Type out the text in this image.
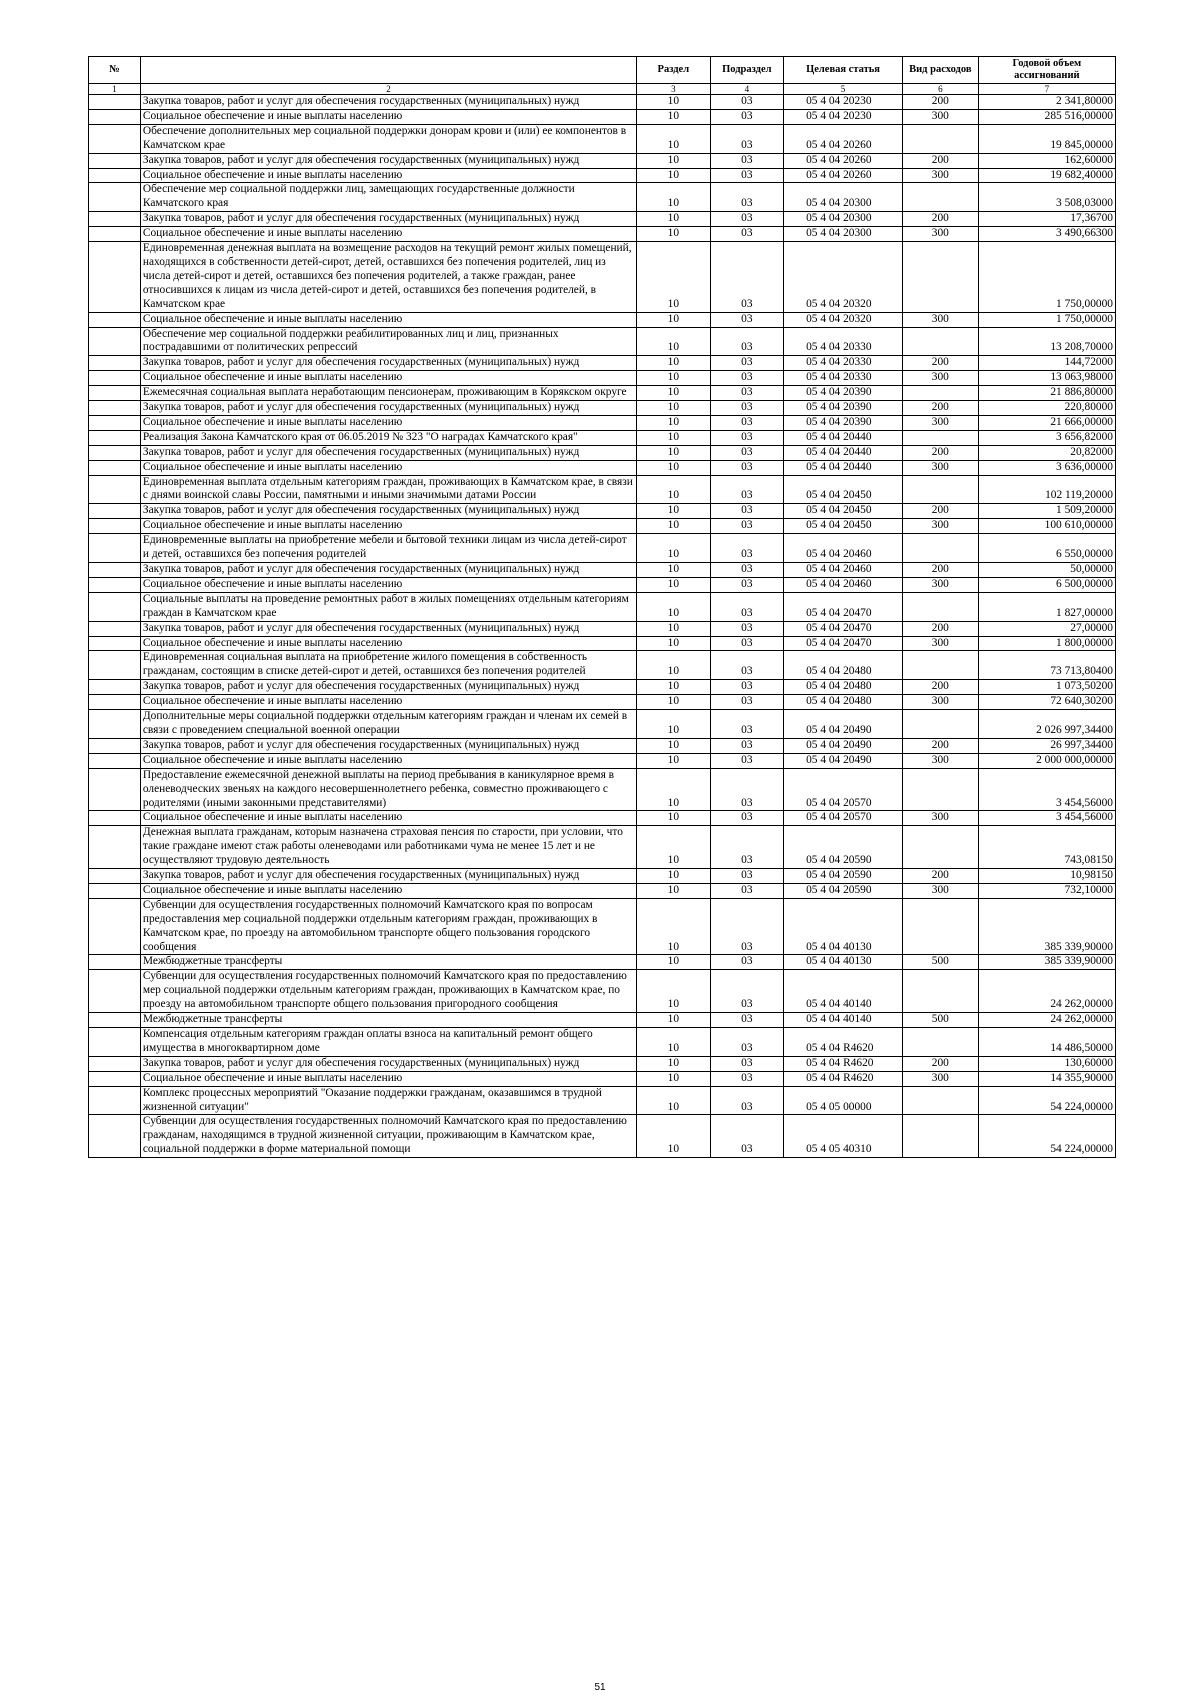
№		Раздел	Подраздел	Целевая статья	Вид расходов	Годовой объем ассигнований
1	2	3	4	5	6	7
	Закупка товаров, работ и услуг для обеспечения государственных (муниципальных) нужд	10	03	05 4 04 20230	200	2 341,80000
	Социальное обеспечение и иные выплаты населению	10	03	05 4 04 20230	300	285 516,00000
	Обеспечение дополнительных мер социальной поддержки донорам крови и (или) ее компонентов в Камчатском крае	10	03	05 4 04 20260		19 845,00000
	Закупка товаров, работ и услуг для обеспечения государственных (муниципальных) нужд	10	03	05 4 04 20260	200	162,60000
	Социальное обеспечение и иные выплаты населению	10	03	05 4 04 20260	300	19 682,40000
	Обеспечение мер социальной поддержки лиц, замещающих государственные должности Камчатского края	10	03	05 4 04 20300		3 508,03000
	Закупка товаров, работ и услуг для обеспечения государственных (муниципальных) нужд	10	03	05 4 04 20300	200	17,36700
	Социальное обеспечение и иные выплаты населению	10	03	05 4 04 20300	300	3 490,66300
	Единовременная денежная выплата на возмещение расходов на текущий ремонт жилых помещений, находящихся в собственности детей-сирот, детей, оставшихся без попечения родителей, лиц из числа детей-сирот и детей, оставшихся без попечения родителей, а также граждан, ранее относившихся к лицам из числа детей-сирот и детей, оставшихся без попечения родителей, в Камчатском крае	10	03	05 4 04 20320		1 750,00000
	Социальное обеспечение и иные выплаты населению	10	03	05 4 04 20320	300	1 750,00000
	Обеспечение мер социальной поддержки реабилитированных лиц и лиц, признанных пострадавшими от политических репрессий	10	03	05 4 04 20330		13 208,70000
	Закупка товаров, работ и услуг для обеспечения государственных (муниципальных) нужд	10	03	05 4 04 20330	200	144,72000
	Социальное обеспечение и иные выплаты населению	10	03	05 4 04 20330	300	13 063,98000
	Ежемесячная социальная выплата неработающим пенсионерам, проживающим в Корякском округе	10	03	05 4 04 20390		21 886,80000
	Закупка товаров, работ и услуг для обеспечения государственных (муниципальных) нужд	10	03	05 4 04 20390	200	220,80000
	Социальное обеспечение и иные выплаты населению	10	03	05 4 04 20390	300	21 666,00000
	Реализация Закона Камчатского края от 06.05.2019 № 323 "О наградах Камчатского края"	10	03	05 4 04 20440		3 656,82000
	Закупка товаров, работ и услуг для обеспечения государственных (муниципальных) нужд	10	03	05 4 04 20440	200	20,82000
	Социальное обеспечение и иные выплаты населению	10	03	05 4 04 20440	300	3 636,00000
	Единовременная выплата отдельным категориям граждан, проживающих в Камчатском крае, в связи с днями воинской славы России, памятными и иными значимыми датами России	10	03	05 4 04 20450		102 119,20000
	Закупка товаров, работ и услуг для обеспечения государственных (муниципальных) нужд	10	03	05 4 04 20450	200	1 509,20000
	Социальное обеспечение и иные выплаты населению	10	03	05 4 04 20450	300	100 610,00000
	Единовременные выплаты на приобретение мебели и бытовой техники лицам из числа детей-сирот и детей, оставшихся без попечения родителей	10	03	05 4 04 20460		6 550,00000
	Закупка товаров, работ и услуг для обеспечения государственных (муниципальных) нужд	10	03	05 4 04 20460	200	50,00000
	Социальное обеспечение и иные выплаты населению	10	03	05 4 04 20460	300	6 500,00000
	Социальные выплаты на проведение ремонтных работ в жилых помещениях отдельным категориям граждан в Камчатском крае	10	03	05 4 04 20470		1 827,00000
	Закупка товаров, работ и услуг для обеспечения государственных (муниципальных) нужд	10	03	05 4 04 20470	200	27,00000
	Социальное обеспечение и иные выплаты населению	10	03	05 4 04 20470	300	1 800,00000
	Единовременная социальная выплата на приобретение жилого помещения в собственность гражданам, состоящим в списке детей-сирот и детей, оставшихся без попечения родителей	10	03	05 4 04 20480		73 713,80400
	Закупка товаров, работ и услуг для обеспечения государственных (муниципальных) нужд	10	03	05 4 04 20480	200	1 073,50200
	Социальное обеспечение и иные выплаты населению	10	03	05 4 04 20480	300	72 640,30200
	Дополнительные меры социальной поддержки отдельным категориям граждан и членам их семей в связи с проведением специальной военной операции	10	03	05 4 04 20490		2 026 997,34400
	Закупка товаров, работ и услуг для обеспечения государственных (муниципальных) нужд	10	03	05 4 04 20490	200	26 997,34400
	Социальное обеспечение и иные выплаты населению	10	03	05 4 04 20490	300	2 000 000,00000
	Предоставление ежемесячной денежной выплаты на период пребывания в каникулярное время в оленеводческих звеньях на каждого несовершеннолетнего ребенка, совместно проживающего с родителями (иными законными представителями)	10	03	05 4 04 20570		3 454,56000
	Социальное обеспечение и иные выплаты населению	10	03	05 4 04 20570	300	3 454,56000
	Денежная выплата гражданам, которым назначена страховая пенсия по старости, при условии, что такие граждане имеют стаж работы оленеводами или работниками чума не менее 15 лет и не осуществляют трудовую деятельность	10	03	05 4 04 20590		743,08150
	Закупка товаров, работ и услуг для обеспечения государственных (муниципальных) нужд	10	03	05 4 04 20590	200	10,98150
	Социальное обеспечение и иные выплаты населению	10	03	05 4 04 20590	300	732,10000
	Субвенции для осуществления государственных полномочий Камчатского края по вопросам предоставления мер социальной поддержки отдельным категориям граждан, проживающих в Камчатском крае, по проезду на автомобильном транспорте общего пользования городского сообщения	10	03	05 4 04 40130		385 339,90000
	Межбюджетные трансферты	10	03	05 4 04 40130	500	385 339,90000
	Субвенции для осуществления государственных полномочий Камчатского края по предоставлению мер социальной поддержки отдельным категориям граждан, проживающих в Камчатском крае, по проезду на автомобильном транспорте общего пользования пригородного сообщения	10	03	05 4 04 40140		24 262,00000
	Межбюджетные трансферты	10	03	05 4 04 40140	500	24 262,00000
	Компенсация отдельным категориям граждан оплаты взноса на капитальный ремонт общего имущества в многоквартирном доме	10	03	05 4 04 R4620		14 486,50000
	Закупка товаров, работ и услуг для обеспечения государственных (муниципальных) нужд	10	03	05 4 04 R4620	200	130,60000
	Социальное обеспечение и иные выплаты населению	10	03	05 4 04 R4620	300	14 355,90000
	Комплекс процессных мероприятий "Оказание поддержки гражданам, оказавшимся в трудной жизненной ситуации"	10	03	05 4 05 00000		54 224,00000
	Субвенции для осуществления государственных полномочий Камчатского края по предоставлению гражданам, находящимся в трудной жизненной ситуации, проживающим в Камчатском крае, социальной поддержки в форме материальной помощи	10	03	05 4 05 40310		54 224,00000
51
